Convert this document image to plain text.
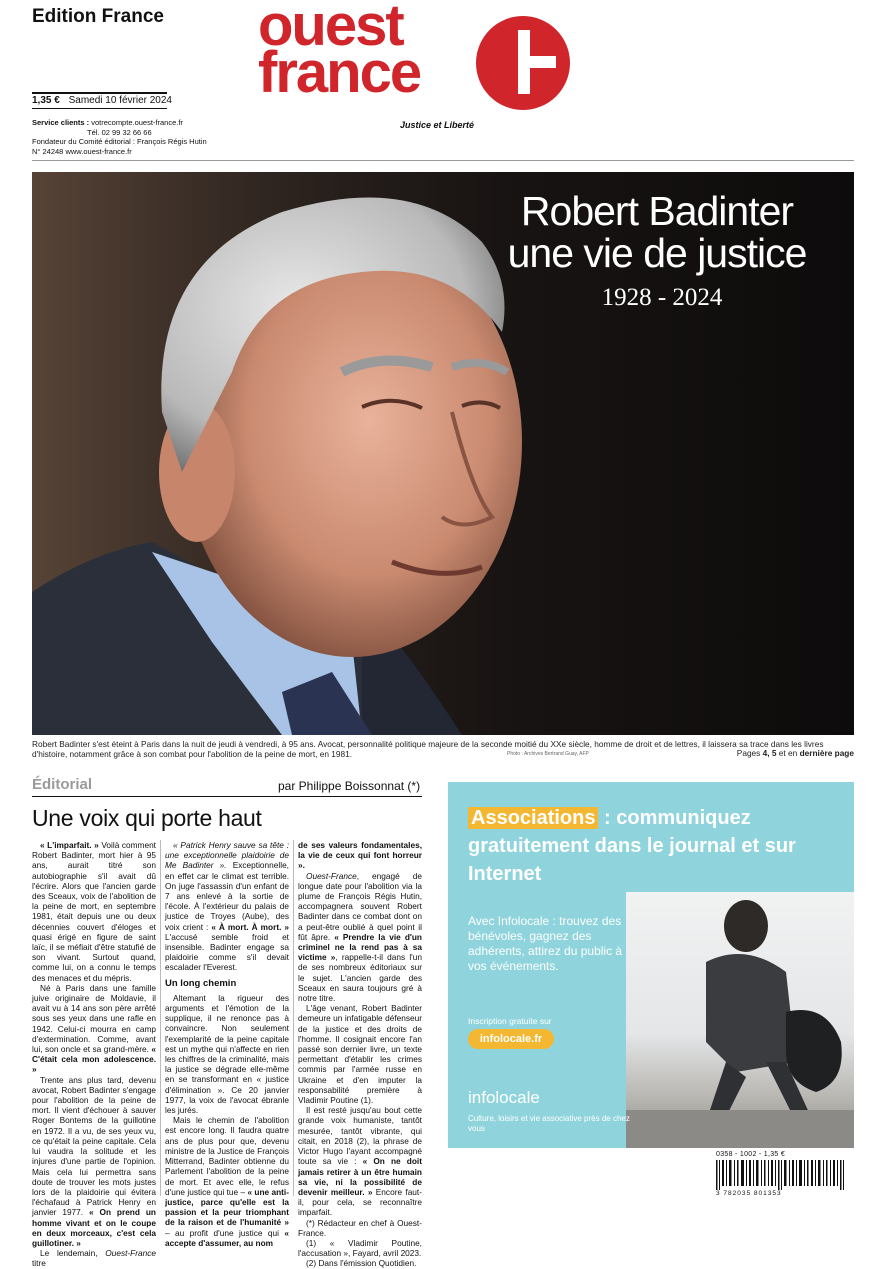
Edition France ouest
france
Justice et Liberté
1,35 € Samedi 10 février 2024
Service clients : votrecompte.ouest-france.fr
Tél. 02 99 32 66 66
Fondateur du Comité éditorial : François Régis Hutin
N° 24248 www.ouest-france.fr
Robert Badinter
une vie de justice
1928 - 2024
Robert Badinter s'est éteint à Paris dans la nuit de jeudi à vendredi, à 95 ans. Avocat, personnalité politique majeure de la seconde moitié du XXe siècle, homme de droit et de lettres, il laissera sa trace dans les livres d'histoire, notamment grâce à son combat pour l'abolition de la peine de mort, en 1981.	Photo : Archives Bertrand Guay, AFP	Pages 4, 5 et en dernière page
Éditorial	par Philippe Boissonnat (*)
Une voix qui porte haut

« L'imparfait. » Voilà comment Robert Badinter, mort hier à 95 ans, aurait titré son autobiographie s'il avait dû l'écrire. Alors que l'ancien garde des Sceaux, voix de l'abolition de la peine de mort, en septembre 1981, était depuis une ou deux décennies couvert d'éloges et quasi érigé en figure de saint laïc, il se méfiait d'être statufié de son vivant. Surtout quand, comme lui, on a connu le temps des menaces et du mépris.

Né à Paris dans une famille juive originaire de Moldavie, il avait vu à 14 ans son père arrêté sous ses yeux dans une rafle en 1942. Celui-ci mourra en camp d'extermination. Comme, avant lui, son oncle et sa grand-mère. « C'était cela mon adolescence. »

Trente ans plus tard, devenu avocat, Robert Badinter s'engage pour l'abolition de la peine de mort. Il vient d'échouer à sauver Roger Bontems de la guillotine en 1972. Il a vu, de ses yeux vu, ce qu'était la peine capitale. Cela lui vaudra la solitude et les injures d'une partie de l'opinion. Mais cela lui permettra sans doute de trouver les mots justes lors de la plaidoirie qui évitera l'échafaud à Patrick Henry en janvier 1977. « On prend un homme vivant et on le coupe en deux morceaux, c'est cela guillotiner. »

Le lendemain, Ouest-France titre

« Patrick Henry sauve sa tête : une exceptionnelle plaidoirie de Me Badinter ». Exceptionnelle, en effet car le climat est terrible. On juge l'assassin d'un enfant de 7 ans enlevé à la sortie de l'école. À l'extérieur du palais de justice de Troyes (Aube), des voix crient : « À mort. À mort. » L'accusé semble froid et insensible. Badinter engage sa plaidoirie comme s'il devait escalader l'Everest.

Un long chemin

Altemant la rigueur des arguments et l'émotion de la supplique, il ne renonce pas à convaincre. Non seulement l'exemplarité de la peine capitale est un mythe qui n'affecte en rien les chiffres de la criminalité, mais la justice se dégrade elle-même en se transformant en « justice d'élimination ». Ce 20 janvier 1977, la voix de l'avocat ébranle les jurés.

Mais le chemin de l'abolition est encore long. Il faudra quatre ans de plus pour que, devenu ministre de la Justice de François Mitterrand, Badinter obtienne du Parlement l'abolition de la peine de mort. Et avec elle, le refus d'une justice qui tue – « une anti-justice, parce qu'elle est la passion et la peur triomphant de la raison et de l'humanité » – au profit d'une justice qui « accepte d'assumer, au nom

de ses valeurs fondamentales, la vie de ceux qui font horreur ».

Ouest-France, engagé de longue date pour l'abolition via la plume de François Régis Hutin, accompagnera souvent Robert Badinter dans ce combat dont on a peut-être oublié à quel point il fût âpre. « Prendre la vie d'un criminel ne la rend pas à sa victime », rappelle-t-il dans l'un de ses nombreux éditoriaux sur le sujet. L'ancien garde des Sceaux en saura toujours gré à notre titre.

L'âge venant, Robert Badinter demeure un infatigable défenseur de la justice et des droits de l'homme. Il cosignait encore l'an passé son dernier livre, un texte permettant d'établir les crimes commis par l'armée russe en Ukraine et d'en imputer la responsabilité première à Vladimir Poutine (1).

Il est resté jusqu'au bout cette grande voix humaniste, tantôt mesurée, tantôt vibrante, qui citait, en 2018 (2), la phrase de Victor Hugo l'ayant accompagné toute sa vie : « On ne doit jamais retirer à un être humain sa vie, ni la possibilité de devenir meilleur. » Encore faut-il, pour cela, se reconnaître imparfait.

(*) Rédacteur en chef à Ouest-France.

(1) « Vladimir Poutine, l'accusation », Fayard, avril 2023.

(2) Dans l'émission Quotidien.

Associations : communiquez gratuitement dans le journal et sur Internet
Avec Infolocale : trouvez des bénévoles, gagnez des adhérents, attirez du public à vos événements.
Inscription gratuite sur
infolocale.fr
infolocale
Culture, loisirs et vie associative près de chez vous
0358 - 1002 - 1,35 €
3 782035 801353
